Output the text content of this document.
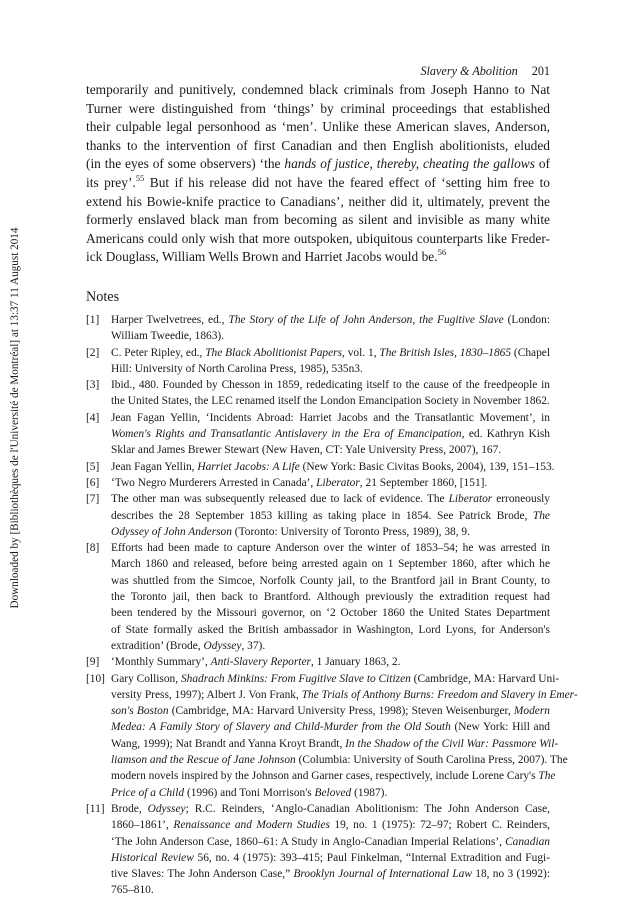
Downloaded by [Bibliothèques de l'Université de Montréal] at 13:37 11 August 2014
Slavery & Abolition 201
temporarily and punitively, condemned black criminals from Joseph Hanno to Nat
Turner were distinguished from ‘things’ by criminal proceedings that established
their culpable legal personhood as ‘men’. Unlike these American slaves, Anderson,
thanks to the intervention of first Canadian and then English abolitionists, eluded
(in the eyes of some observers) ‘the hands of justice, thereby, cheating the gallows of
its prey’.$^{55}$ But if his release did not have the feared effect of ‘setting him free to
extend his Bowie-knife practice to Canadians’, neither did it, ultimately, prevent the
formerly enslaved black man from becoming as silent and invisible as many white
Americans could only wish that more outspoken, ubiquitous counterparts like Freder-
ick Douglass, William Wells Brown and Harriet Jacobs would be.$^{56}$
Notes
[1]	Harper Twelvetrees, ed., The Story of the Life of John Anderson, the Fugitive Slave (London:
William Tweedie, 1863).
[2]	C. Peter Ripley, ed., The Black Abolitionist Papers, vol. 1, The British Isles, 1830–1865 (Chapel
Hill: University of North Carolina Press, 1985), 535n3.
[3]	Ibid., 480. Founded by Chesson in 1859, rededicating itself to the cause of the freedpeople in
the United States, the LEC renamed itself the London Emancipation Society in November 1862.
[4]	Jean Fagan Yellin, ‘Incidents Abroad: Harriet Jacobs and the Transatlantic Movement’, in
Women's Rights and Transatlantic Antislavery in the Era of Emancipation, ed. Kathryn Kish
Sklar and James Brewer Stewart (New Haven, CT: Yale University Press, 2007), 167.
[5]	Jean Fagan Yellin, Harriet Jacobs: A Life (New York: Basic Civitas Books, 2004), 139, 151–153.
[6]	‘Two Negro Murderers Arrested in Canada’, Liberator, 21 September 1860, [151].
[7]	The other man was subsequently released due to lack of evidence. The Liberator erroneously
describes the 28 September 1853 killing as taking place in 1854. See Patrick Brode, The
Odyssey of John Anderson (Toronto: University of Toronto Press, 1989), 38, 9.
[8]	Efforts had been made to capture Anderson over the winter of 1853–54; he was arrested in
March 1860 and released, before being arrested again on 1 September 1860, after which he
was shuttled from the Simcoe, Norfolk County jail, to the Brantford jail in Brant County, to
the Toronto jail, then back to Brantford. Although previously the extradition request had
been tendered by the Missouri governor, on ‘2 October 1860 the United States Department
of State formally asked the British ambassador in Washington, Lord Lyons, for Anderson's
extradition’ (Brode, Odyssey, 37).
[9]	‘Monthly Summary’, Anti-Slavery Reporter, 1 January 1863, 2.
[10] Gary Collison, Shadrach Minkins: From Fugitive Slave to Citizen (Cambridge, MA: Harvard Uni-
versity Press, 1997); Albert J. Von Frank, The Trials of Anthony Burns: Freedom and Slavery in Emer-
son's Boston (Cambridge, MA: Harvard University Press, 1998); Steven Weisenburger, Modern
Medea: A Family Story of Slavery and Child-Murder from the Old South (New York: Hill and
Wang, 1999); Nat Brandt and Yanna Kroyt Brandt, In the Shadow of the Civil War: Passmore Wil-
liamson and the Rescue of Jane Johnson (Columbia: University of South Carolina Press, 2007). The
modern novels inspired by the Johnson and Garner cases, respectively, include Lorene Cary's The
Price of a Child (1996) and Toni Morrison's Beloved (1987).
[11] Brode, Odyssey; R.C. Reinders, ‘Anglo-Canadian Abolitionism: The John Anderson Case,
1860–1861’, Renaissance and Modern Studies 19, no. 1 (1975): 72–97; Robert C. Reinders,
‘The John Anderson Case, 1860–61: A Study in Anglo-Canadian Imperial Relations’, Canadian
Historical Review 56, no. 4 (1975): 393–415; Paul Finkelman, “Internal Extradition and Fugi-
tive Slaves: The John Anderson Case,” Brooklyn Journal of International Law 18, no 3 (1992):
765–810.
